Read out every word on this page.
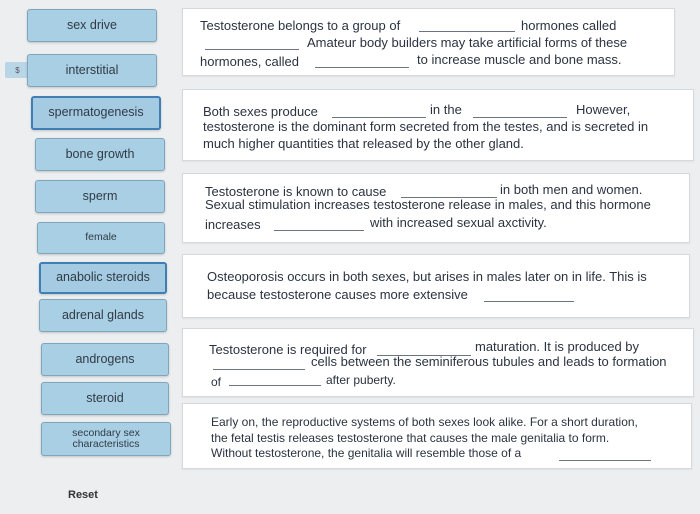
sex drive
$	interstitial
spermatogenesis
bone growth
sperm
female
anabolic steroids
adrenal glands
androgens
steroid
secondary sex characteristics
Reset
Testosterone belongs to a group of	hormones called
Amateur body builders may take artificial forms of these
hormones, called	to increase muscle and bone mass.
Both sexes produce	in the	However,
testosterone is the dominant form secreted from the testes, and is secreted in
much higher quantities that released by the other gland.
Testosterone is known to cause	in both men and women.
Sexual stimulation increases testosterone release in males, and this hormone
increases	with increased sexual axctivity.
Osteoporosis occurs in both sexes, but arises in males later on in life. This is
because testosterone causes more extensive
Testosterone is required for	maturation. It is produced by
cells between the seminiferous tubules and leads to formation
of	after puberty.
Early on, the reproductive systems of both sexes look alike. For a short duration,
the fetal testis releases testosterone that causes the male genitalia to form.
Without testosterone, the genitalia will resemble those of a
